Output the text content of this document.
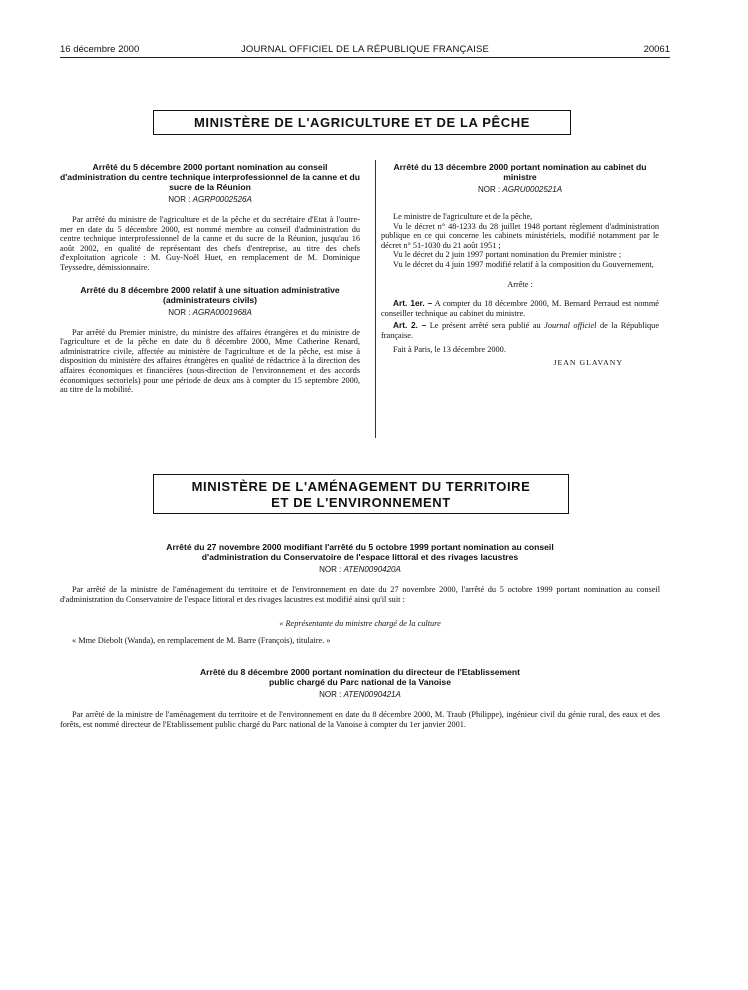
16 décembre 2000	JOURNAL OFFICIEL DE LA RÉPUBLIQUE FRANÇAISE	20061
MINISTÈRE DE L'AGRICULTURE ET DE LA PÊCHE
Arrêté du 5 décembre 2000 portant nomination au conseil d'administration du centre technique interprofessionnel de la canne et du sucre de la Réunion
NOR : AGRP0002526A

Par arrêté du ministre de l'agriculture et de la pêche et du secrétaire d'Etat à l'outre-mer en date du 5 décembre 2000, est nommé membre au conseil d'administration du centre technique interprofessionnel de la canne et du sucre de la Réunion, jusqu'au 16 août 2002, en qualité de représentant des chefs d'entreprise, au titre des chefs d'exploitation agricole : M. Guy-Noël Huet, en remplacement de M. Dominique Teyssedre, démissionnaire.

Arrêté du 8 décembre 2000 relatif à une situation administrative (administrateurs civils)
NOR : AGRA0001968A

Par arrêté du Premier ministre, du ministre des affaires étrangères et du ministre de l'agriculture et de la pêche en date du 8 décembre 2000, Mme Catherine Renard, administratrice civile, affectée au ministère de l'agriculture et de la pêche, est mise à disposition du ministère des affaires étrangères en qualité de rédactrice à la direction des affaires économiques et financières (sous-direction de l'environnement et des accords économiques sectoriels) pour une période de deux ans à compter du 15 septembre 2000, au titre de la mobilité.

Arrêté du 13 décembre 2000 portant nomination au cabinet du ministre
NOR : AGRU0002521A

Le ministre de l'agriculture et de la pêche,

Vu le décret n° 48-1233 du 28 juillet 1948 portant règlement d'administration publique en ce qui concerne les cabinets ministériels, modifié notamment par le décret n° 51-1030 du 21 août 1951 ;

Vu le décret du 2 juin 1997 portant nomination du Premier ministre ;

Vu le décret du 4 juin 1997 modifié relatif à la composition du Gouvernement,

Arrête :

Art. 1er. – A compter du 18 décembre 2000, M. Bernard Perraud est nommé conseiller technique au cabinet du ministre.

Art. 2. – Le présent arrêté sera publié au Journal officiel de la République française.

Fait à Paris, le 13 décembre 2000.

JEAN GLAVANY
MINISTÈRE DE L'AMÉNAGEMENT DU TERRITOIRE
ET DE L'ENVIRONNEMENT
Arrêté du 27 novembre 2000 modifiant l'arrêté du 5 octobre 1999 portant nomination au conseil d'administration du Conservatoire de l'espace littoral et des rivages lacustres
NOR : ATEN0090420A

Par arrêté de la ministre de l'aménagement du territoire et de l'environnement en date du 27 novembre 2000, l'arrêté du 5 octobre 1999 portant nomination au conseil d'administration du Conservatoire de l'espace littoral et des rivages lacustres est modifié ainsi qu'il suit :

« Représentante du ministre chargé de la culture

« Mme Diebolt (Wanda), en remplacement de M. Barre (François), titulaire. »

Arrêté du 8 décembre 2000 portant nomination du directeur de l'Etablissement public chargé du Parc national de la Vanoise
NOR : ATEN0090421A

Par arrêté de la ministre de l'aménagement du territoire et de l'environnement en date du 8 décembre 2000, M. Traub (Philippe), ingénieur civil du génie rural, des eaux et des forêts, est nommé directeur de l'Etablissement public chargé du Parc national de la Vanoise à compter du 1er janvier 2001.
